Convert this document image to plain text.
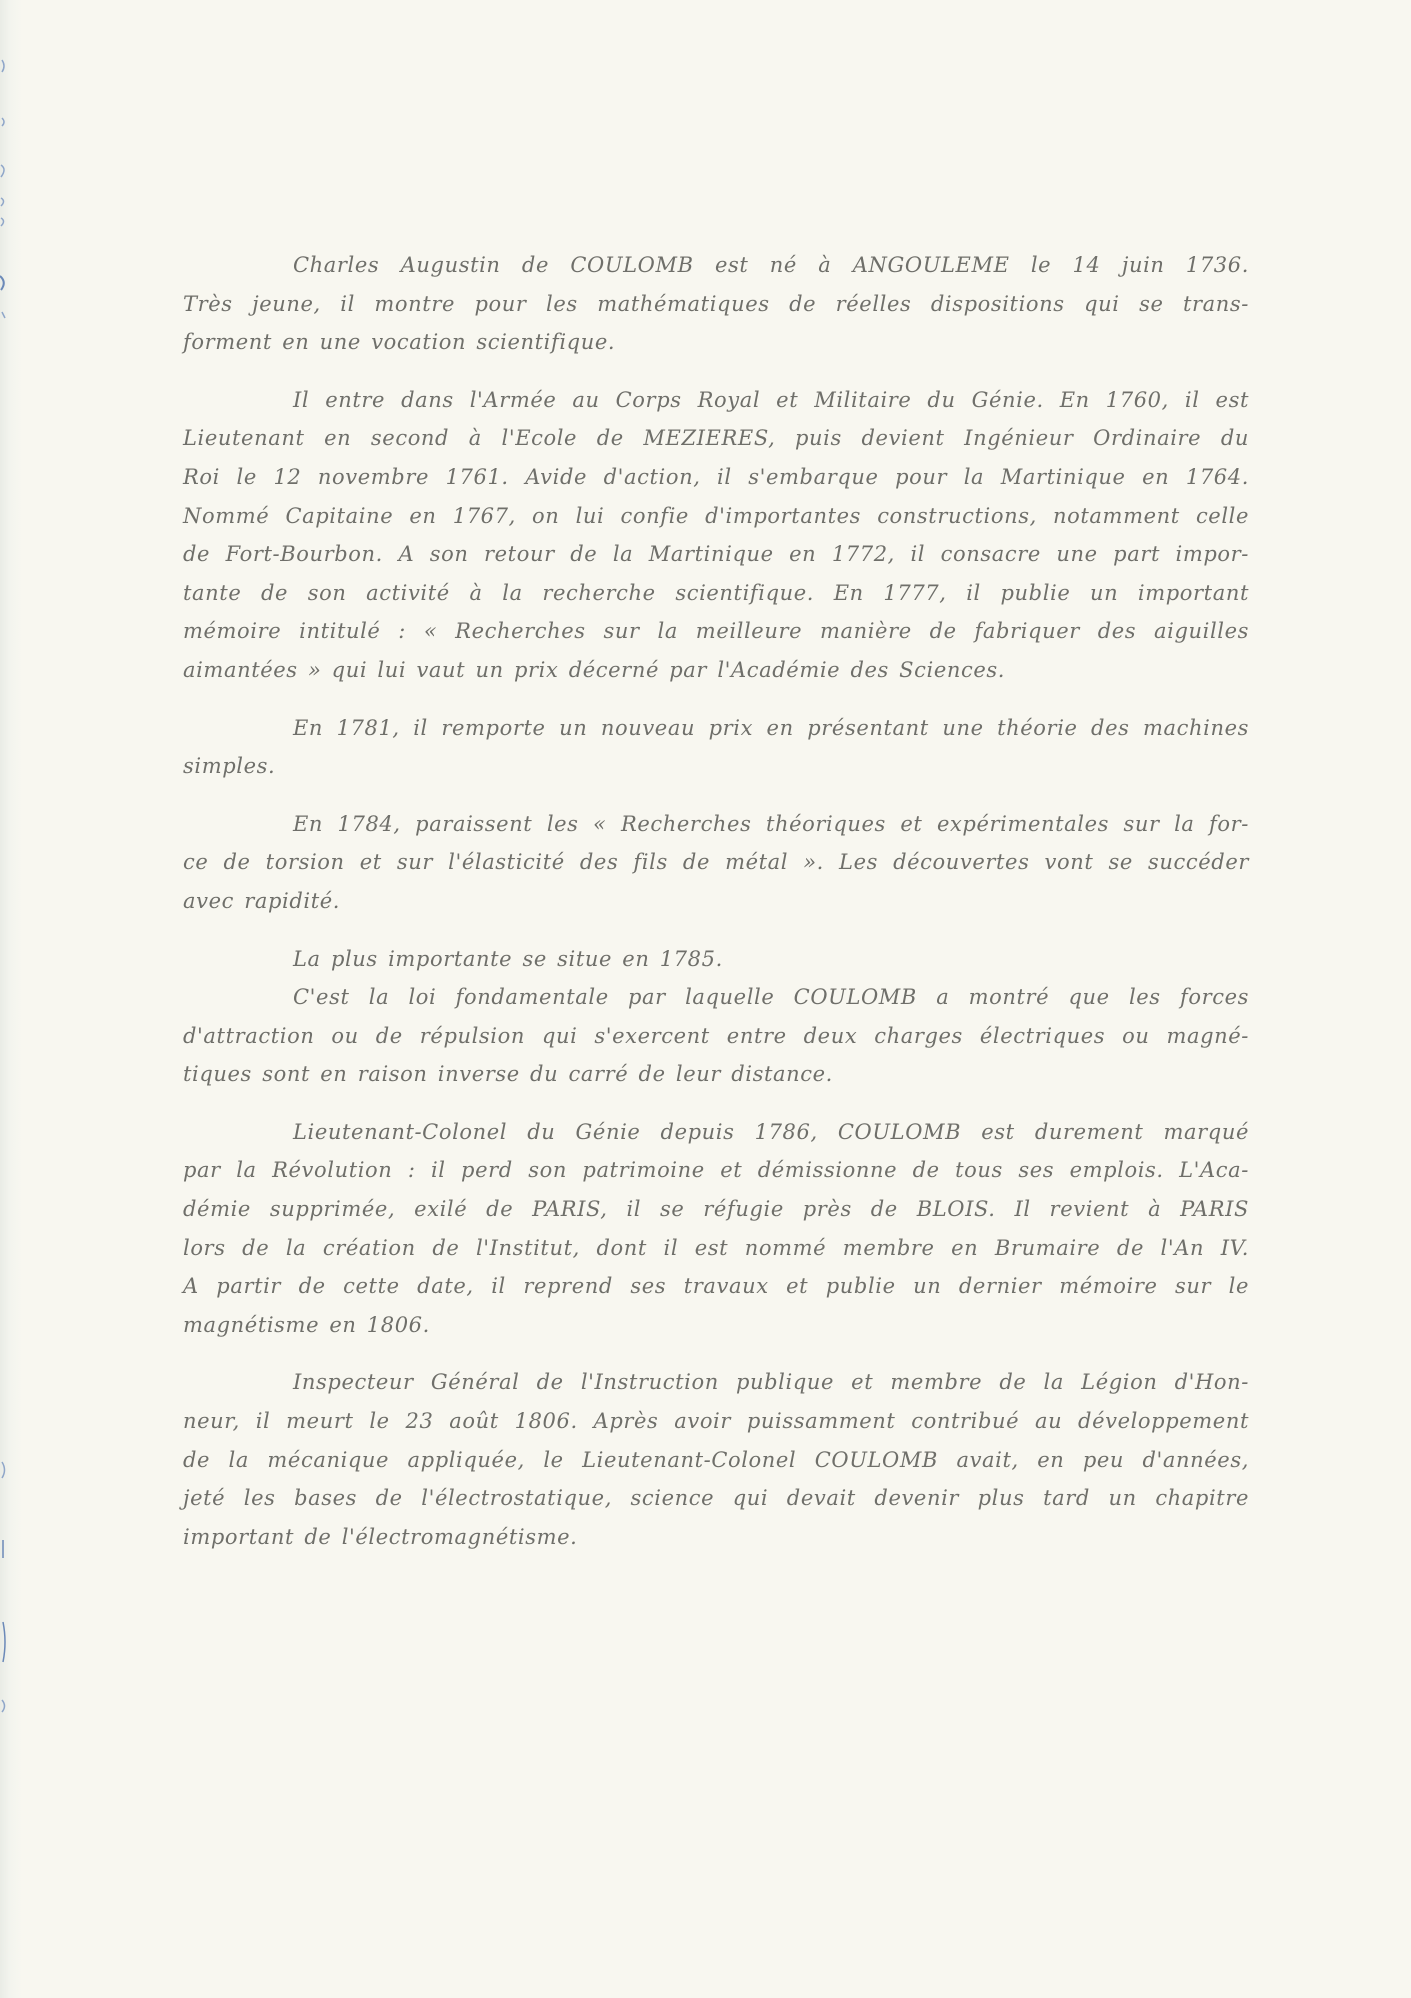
Charles Augustin de COULOMB est né à ANGOULEME le 14 juin 1736.
Très jeune, il montre pour les mathématiques de réelles dispositions qui se trans-
forment en une vocation scientifique.

Il entre dans l'Armée au Corps Royal et Militaire du Génie. En 1760, il est
Lieutenant en second à l'Ecole de MEZIERES, puis devient Ingénieur Ordinaire du
Roi le 12 novembre 1761. Avide d'action, il s'embarque pour la Martinique en 1764.
Nommé Capitaine en 1767, on lui confie d'importantes constructions, notamment celle
de Fort-Bourbon. A son retour de la Martinique en 1772, il consacre une part impor-
tante de son activité à la recherche scientifique. En 1777, il publie un important
mémoire intitulé : « Recherches sur la meilleure manière de fabriquer des aiguilles
aimantées » qui lui vaut un prix décerné par l'Académie des Sciences.

En 1781, il remporte un nouveau prix en présentant une théorie des machines
simples.

En 1784, paraissent les « Recherches théoriques et expérimentales sur la for-
ce de torsion et sur l'élasticité des fils de métal ». Les découvertes vont se succéder
avec rapidité.

La plus importante se situe en 1785.

C'est la loi fondamentale par laquelle COULOMB a montré que les forces
d'attraction ou de répulsion qui s'exercent entre deux charges électriques ou magné-
tiques sont en raison inverse du carré de leur distance.

Lieutenant-Colonel du Génie depuis 1786, COULOMB est durement marqué
par la Révolution : il perd son patrimoine et démissionne de tous ses emplois. L'Aca-
démie supprimée, exilé de PARIS, il se réfugie près de BLOIS. Il revient à PARIS
lors de la création de l'Institut, dont il est nommé membre en Brumaire de l'An IV.
A partir de cette date, il reprend ses travaux et publie un dernier mémoire sur le
magnétisme en 1806.

Inspecteur Général de l'Instruction publique et membre de la Légion d'Hon-
neur, il meurt le 23 août 1806. Après avoir puissamment contribué au développement
de la mécanique appliquée, le Lieutenant-Colonel COULOMB avait, en peu d'années,
jeté les bases de l'électrostatique, science qui devait devenir plus tard un chapitre
important de l'électromagnétisme.
